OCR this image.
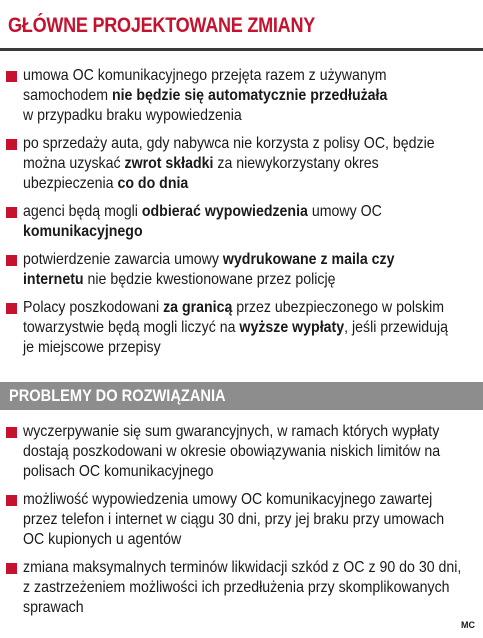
GŁÓWNE PROJEKTOWANE ZMIANY
umowa OC komunikacyjnego przejęta razem z używanym
samochodem nie będzie się automatycznie przedłużała
w przypadku braku wypowiedzenia
po sprzedaży auta, gdy nabywca nie korzysta z polisy OC, będzie
można uzyskać zwrot składki za niewykorzystany okres
ubezpieczenia co do dnia
agenci będą mogli odbierać wypowiedzenia umowy OC
komunikacyjnego
potwierdzenie zawarcia umowy wydrukowane z maila czy
internetu nie będzie kwestionowane przez policję
Polacy poszkodowani za granicą przez ubezpieczonego w polskim
towarzystwie będą mogli liczyć na wyższe wypłaty, jeśli przewidują
je miejscowe przepisy
PROBLEMY DO ROZWIĄZANIA
wyczerpywanie się sum gwarancyjnych, w ramach których wypłaty
dostają poszkodowani w okresie obowiązywania niskich limitów na
polisach OC komunikacyjnego
możliwość wypowiedzenia umowy OC komunikacyjnego zawartej
przez telefon i internet w ciągu 30 dni, przy jej braku przy umowach
OC kupionych u agentów
zmiana maksymalnych terminów likwidacji szkód z OC z 90 do 30 dni,
z zastrzeżeniem możliwości ich przedłużenia przy skomplikowanych
sprawach
MC
